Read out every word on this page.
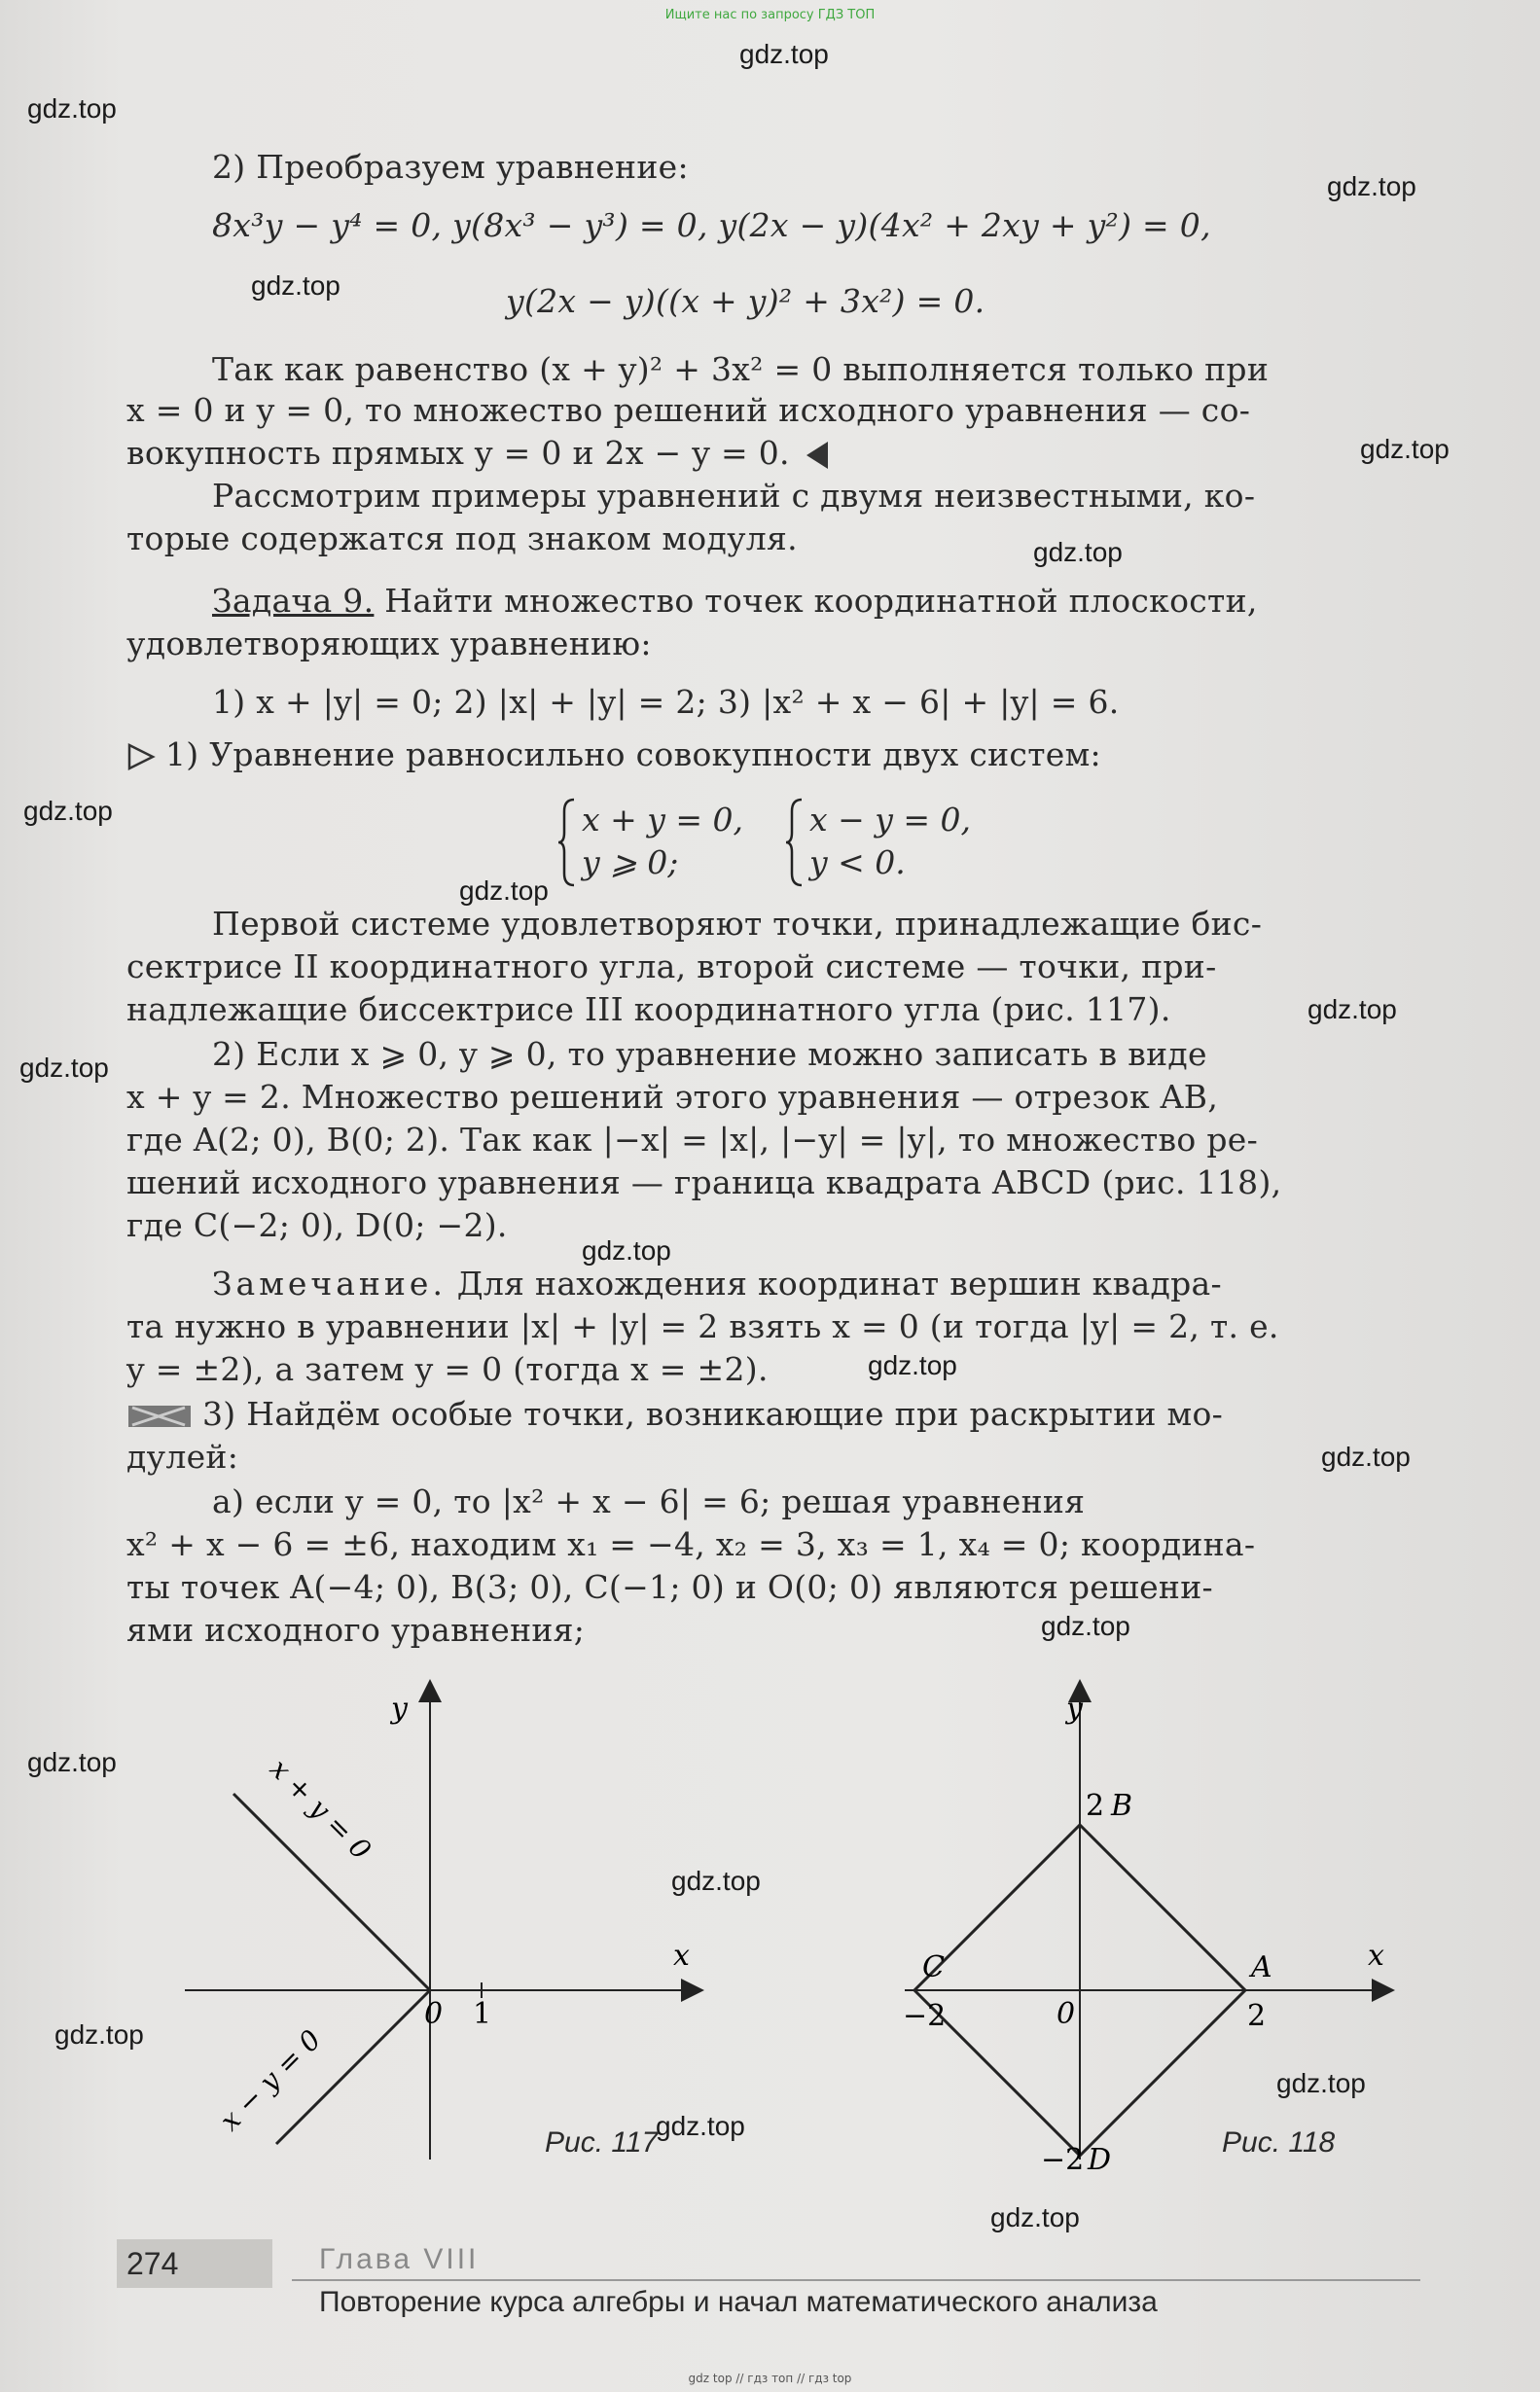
Ищите нас по запросу ГДЗ ТОП
gdz.top
gdz.top
gdz.top
gdz.top
gdz.top
gdz.top
gdz.top
gdz.top
gdz.top
gdz.top
gdz.top
gdz.top
gdz.top
gdz.top
gdz.top
gdz.top
gdz.top
gdz.top
gdz.top
gdz.top
2) Преобразуем уравнение:
8x³y − y⁴ = 0, y(8x³ − y³) = 0, y(2x − y)(4x² + 2xy + y²) = 0,
y(2x − y)((x + y)² + 3x²) = 0.
Так как равенство (x + y)² + 3x² = 0 выполняется только при
x = 0 и y = 0, то множество решений исходного уравнения — со-
вокупность прямых y = 0 и 2x − y = 0.
Рассмотрим примеры уравнений с двумя неизвестными, ко-
торые содержатся под знаком модуля.
Задача 9. Найти множество точек координатной плоскости,
удовлетворяющих уравнению:
1) x + |y| = 0; 2) |x| + |y| = 2; 3) |x² + x − 6| + |y| = 6.
1) Уравнение равносильно совокупности двух систем:
x + y = 0,
y ⩾ 0;
x − y = 0,
y < 0.
Первой системе удовлетворяют точки, принадлежащие бис-
сектрисе II координатного угла, второй системе — точки, при-
надлежащие биссектрисе III координатного угла (рис. 117).
2) Если x ⩾ 0, y ⩾ 0, то уравнение можно записать в виде
x + y = 2. Множество решений этого уравнения — отрезок AB,
где A(2; 0), B(0; 2). Так как |−x| = |x|, |−y| = |y|, то множество ре-
шений исходного уравнения — граница квадрата ABCD (рис. 118),
где C(−2; 0), D(0; −2).
Замечание. Для нахождения координат вершин квадра-
та нужно в уравнении |x| + |y| = 2 взять x = 0 (и тогда |y| = 2, т. е.
y = ±2), а затем y = 0 (тогда x = ±2).
3) Найдём особые точки, возникающие при раскрытии мо-
дулей:
а) если y = 0, то |x² + x − 6| = 6; решая уравнения
x² + x − 6 = ±6, находим x₁ = −4, x₂ = 3, x₃ = 1, x₄ = 0; координа-
ты точек A(−4; 0), B(3; 0), C(−1; 0) и O(0; 0) являются решени-
ями исходного уравнения;
y
x
0 1
x + y = 0
x − y = 0
Рис. 117
y
x
0
2 B
A
2
C
−2
−2 D
Рис. 118
274	Глава VIII
Повторение курса алгебры и начал математического анализа
gdz top // гдз топ // гдз top
